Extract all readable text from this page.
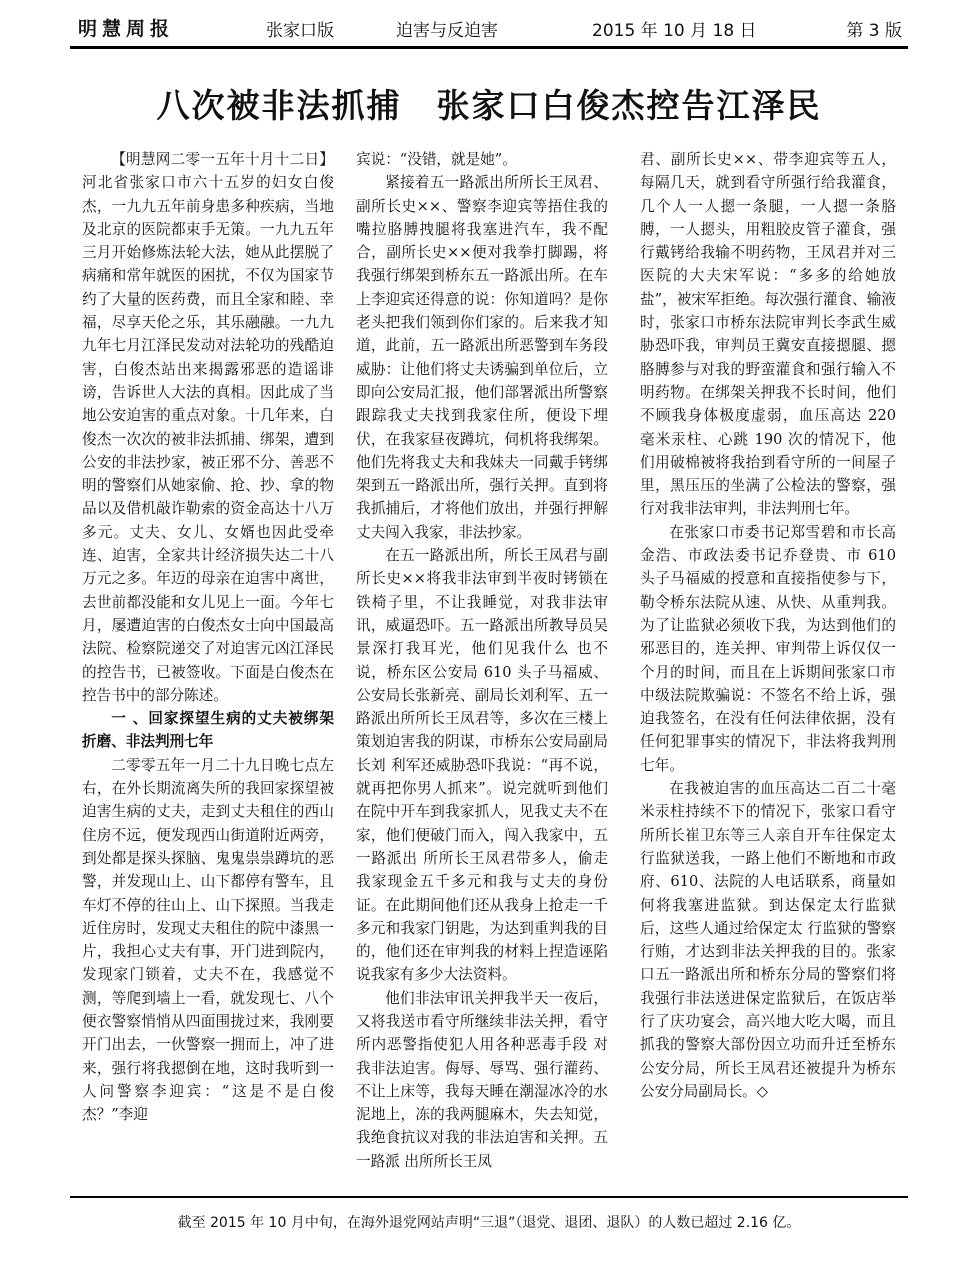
明慧周报	张家口版	迫害与反迫害	2015 年 10 月 18 日	第 3 版
八次被非法抓捕　张家口白俊杰控告江泽民

【明慧网二零一五年十月十二日】河北省张家口市六十五岁的妇女白俊杰，一九九五年前身患多种疾病，当地及北京的医院都束手无策。一九九五年三月开始修炼法轮大法，她从此摆脱了病痛和常年就医的困扰，不仅为国家节约了大量的医药费，而且全家和睦、幸福，尽享天伦之乐，其乐融融。一九九九年七月江泽民发动对法轮功的残酷迫害，白俊杰站出来揭露邪恶的造谣诽谤，告诉世人大法的真相。因此成了当地公安迫害的重点对象。十几年来，白俊杰一次次的被非法抓捕、绑架，遭到公安的非法抄家，被正邪不分、善恶不明的警察们从她家偷、抢、抄、拿的物品以及借机敲诈勒索的资金高达十八万 多元。丈夫、女儿、女婿也因此受牵连、迫害，全家共计经济损失达二十八万元之多。年迈的母亲在迫害中离世，去世前都没能和女儿见上一面。今年七月，屡遭迫害的白俊杰女士向中国最高法院、检察院递交了对迫害元凶江泽民的控告书，已被签收。下面是白俊杰在控告书中的部分陈述。

一 、回家探望生病的丈夫被绑架折磨、非法判刑七年

二零零五年一月二十九日晚七点左右，在外长期流离失所的我回家探望被迫害生病的丈夫，走到丈夫租住的西山住房不远，便发现西山街道附近两旁，到处都是探头探脑、鬼鬼祟祟蹲坑的恶警，并发现山上、山下都停有警车，且车灯不停的往山上、山下探照。当我走近住房时，发现丈夫租住的院中漆黑一片，我担心丈夫有事，开门进到院内，发现家门锁着，丈夫不在，我感觉不测，等爬到墙上一看，就发现七、八个便衣警察悄悄从四面围拢过来，我刚要开门出去，一伙警察一拥而上，冲了进来，强行将我摁倒在地，这时我听到一人问警察李迎宾：“这是不是白俊杰？”李迎

宾说：“没错，就是她”。

紧接着五一路派出所所长王凤君、副所长史××、警察李迎宾等捂住我的嘴拉胳膊拽腿将我塞进汽车，我不配合，副所长史××便对我拳打脚踢，将我强行绑架到桥东五一路派出所。在车上李迎宾还得意的说：你知道吗？是你老头把我们领到你们家的。后来我才知道，此前，五一路派出所恶警到车务段威胁：让他们将丈夫诱骗到单位后，立即向公安局汇报，他们部署派出所警察跟踪我丈夫找到我家住所，便设下埋伏，在我家昼夜蹲坑，伺机将我绑架。他们先将我丈夫和我妹夫一同戴手铐绑架到五一路派出所，强行关押。直到将我抓捕后，才将他们放出，并强行押解丈夫闯入我家，非法抄家。

在五一路派出所，所长王凤君与副所长史××将我非法审到半夜时铐锁在铁椅子里，不让我睡觉，对我非法审讯，威逼恐吓。五一路派出所教导员吴景深打我耳光，他们见我什么 也不说，桥东区公安局 610 头子马福威、公安局长张新亮、副局长刘利军、五一路派出所所长王凤君等，多次在三楼上策划迫害我的阴谋，市桥东公安局副局长刘 利军还威胁恐吓我说：“再不说，就再把你男人抓来”。说完就听到他们在院中开车到我家抓人，见我丈夫不在家，他们便破门而入，闯入我家中，五一路派出 所所长王凤君带多人，偷走我家现金五千多元和我与丈夫的身份证。在此期间他们还从我身上抢走一千多元和我家门钥匙，为达到重判我的目的，他们还在审判我的材料上捏造诬陷说我家有多少大法资料。

他们非法审讯关押我半天一夜后，又将我送市看守所继续非法关押，看守所内恶警指使犯人用各种恶毒手段 对我非法迫害。侮辱、辱骂、强行灌药、不让上床等，我每天睡在潮湿冰冷的水泥地上，冻的我两腿麻木，失去知觉，我绝食抗议对我的非法迫害和关押。五一路派 出所所长王凤

君、副所长史××、带李迎宾等五人，每隔几天，就到看守所强行给我灌食，几个人一人摁一条腿，一人摁一条胳膊，一人摁头，用粗胶皮管子灌食，强行戴铐给我输不明药物，王凤君并对三医院的大夫宋军说：“多多的给她放盐”，被宋军拒绝。每次强行灌食、输液时，张家口市桥东法院审判长李武生威胁恐吓我，审判员王冀安直接摁腿、摁胳膊参与对我的野蛮灌食和强行输入不明药物。在绑架关押我不长时间，他们不顾我身体极度虚弱，血压高达 220 毫米汞柱、心跳 190 次的情况下，他们用破棉被将我抬到看守所的一间屋子里，黑压压的坐满了公检法的警察，强行对我非法审判，非法判刑七年。

在张家口市委书记郑雪碧和市长高金浩、市政法委书记乔登贵、市 610 头子马福威的授意和直接指使参与下，勒令桥东法院从速、从快、从重判我。为了让监狱必须收下我，为达到他们的邪恶目的，连关押、审判带上诉仅仅一个月的时间，而且在上诉期间张家口市中级法院欺骗说：不签名不给上诉，强迫我签名，在没有任何法律依据，没有任何犯罪事实的情况下，非法将我判刑七年。

在我被迫害的血压高达二百二十毫米汞柱持续不下的情况下，张家口看守所所长崔卫东等三人亲自开车往保定太行监狱送我，一路上他们不断地和市政府、610、法院的人电话联系，商量如何将我塞进监狱。到达保定太行监狱后，这些人通过给保定太 行监狱的警察行贿，才达到非法关押我的目的。张家口五一路派出所和桥东分局的警察们将我强行非法送进保定监狱后，在饭店举行了庆功宴会，高兴地大吃大喝，而且抓我的警察大部份因立功而升迁至桥东公安分局，所长王凤君还被提升为桥东公安分局副局长。◇

截至 2015 年 10 月中旬，在海外退党网站声明“三退”（退党、退团、退队）的人数已超过 2.16 亿。
